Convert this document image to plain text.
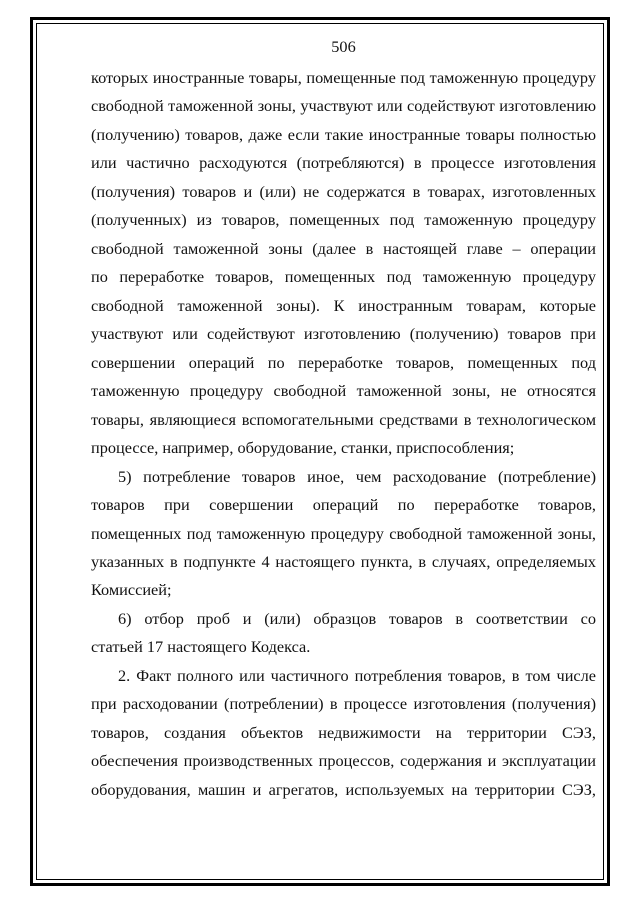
506
которых иностранные товары, помещенные под таможенную процедуру
свободной таможенной зоны, участвуют или содействуют изготовлению
(получению) товаров, даже если такие иностранные товары полностью
или частично расходуются (потребляются) в процессе изготовления
(получения) товаров и (или) не содержатся в товарах, изготовленных
(полученных) из товаров, помещенных под таможенную процедуру
свободной таможенной зоны (далее в настоящей главе – операции
по переработке товаров, помещенных под таможенную процедуру
свободной таможенной зоны). К иностранным товарам, которые
участвуют или содействуют изготовлению (получению) товаров при
совершении операций по переработке товаров, помещенных под
таможенную процедуру свободной таможенной зоны, не относятся
товары, являющиеся вспомогательными средствами в технологическом
процессе, например, оборудование, станки, приспособления;
5) потребление товаров иное, чем расходование (потребление)
товаров при совершении операций по переработке товаров,
помещенных под таможенную процедуру свободной таможенной зоны,
указанных в подпункте 4 настоящего пункта, в случаях, определяемых
Комиссией;
6) отбор проб и (или) образцов товаров в соответствии со
статьей 17 настоящего Кодекса.
2. Факт полного или частичного потребления товаров, в том числе
при расходовании (потреблении) в процессе изготовления (получения)
товаров, создания объектов недвижимости на территории СЭЗ,
обеспечения производственных процессов, содержания и эксплуатации
оборудования, машин и агрегатов, используемых на территории СЭЗ,
